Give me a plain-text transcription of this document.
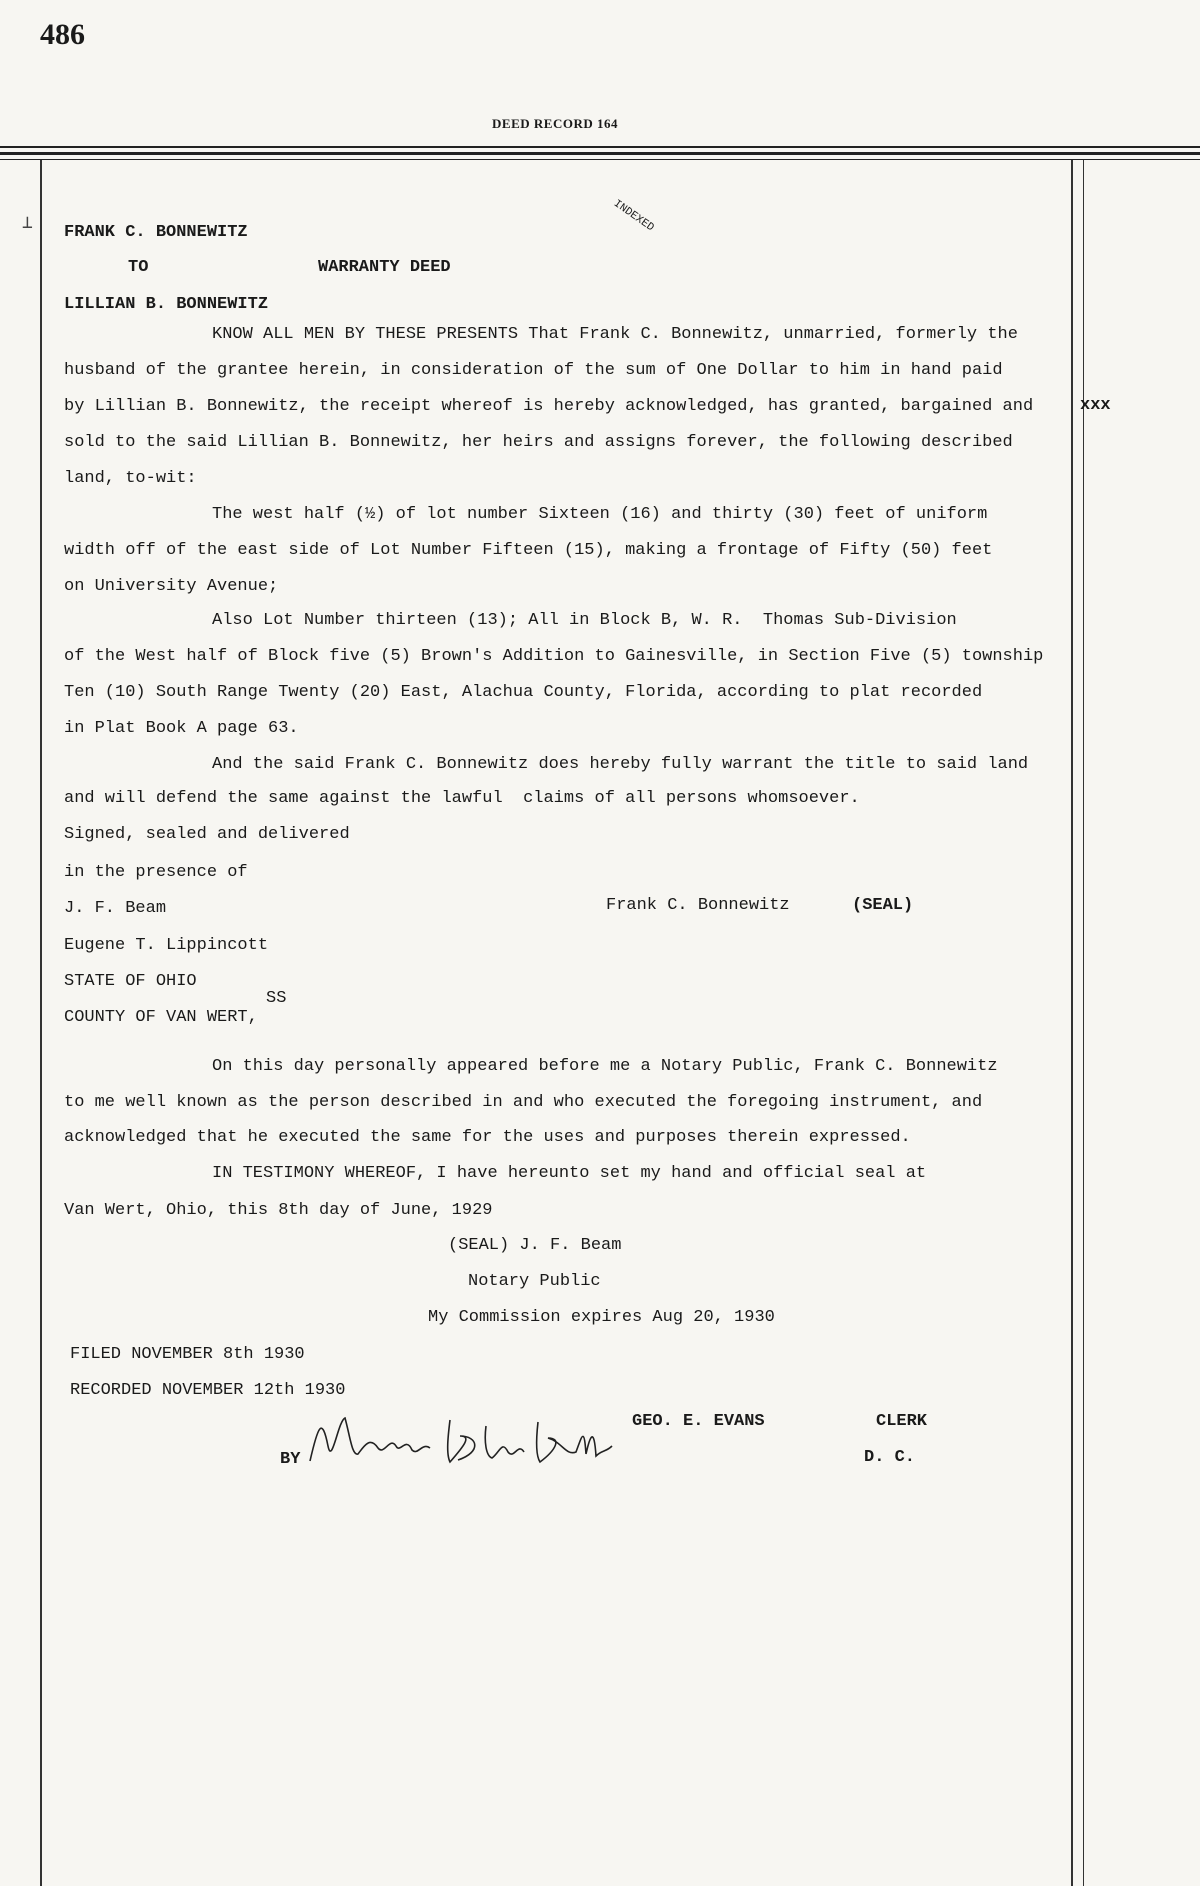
486
DEED RECORD 164
⊥	INDEXED
FRANK C. BONNEWITZ
TO	WARRANTY DEED
LILLIAN B. BONNEWITZ
KNOW ALL MEN BY THESE PRESENTS That Frank C. Bonnewitz, unmarried, formerly the
husband of the grantee herein, in consideration of the sum of One Dollar to him in hand paid
by Lillian B. Bonnewitz, the receipt whereof is hereby acknowledged, has granted, bargained and	xxx
sold to the said Lillian B. Bonnewitz, her heirs and assigns forever, the following described
land, to-wit:
The west half (½) of lot number Sixteen (16) and thirty (30) feet of uniform
width off of the east side of Lot Number Fifteen (15), making a frontage of Fifty (50) feet
on University Avenue;
Also Lot Number thirteen (13); All in Block B, W. R.  Thomas Sub-Division
of the West half of Block five (5) Brown's Addition to Gainesville, in Section Five (5) township
Ten (10) South Range Twenty (20) East, Alachua County, Florida, according to plat recorded
in Plat Book A page 63.
And the said Frank C. Bonnewitz does hereby fully warrant the title to said land
and will defend the same against the lawful  claims of all persons whomsoever.
Signed, sealed and delivered
in the presence of
J. F. Beam	Frank C. Bonnewitz	(SEAL)
Eugene T. Lippincott
STATE OF OHIO
SS
COUNTY OF VAN WERT,
On this day personally appeared before me a Notary Public, Frank C. Bonnewitz
to me well known as the person described in and who executed the foregoing instrument, and
acknowledged that he executed the same for the uses and purposes therein expressed.
IN TESTIMONY WHEREOF, I have hereunto set my hand and official seal at
Van Wert, Ohio, this 8th day of June, 1929
(SEAL) J. F. Beam
Notary Public
My Commission expires Aug 20, 1930
FILED NOVEMBER 8th 1930
RECORDED NOVEMBER 12th 1930
GEO. E. EVANS	CLERK
BY	D. C.
